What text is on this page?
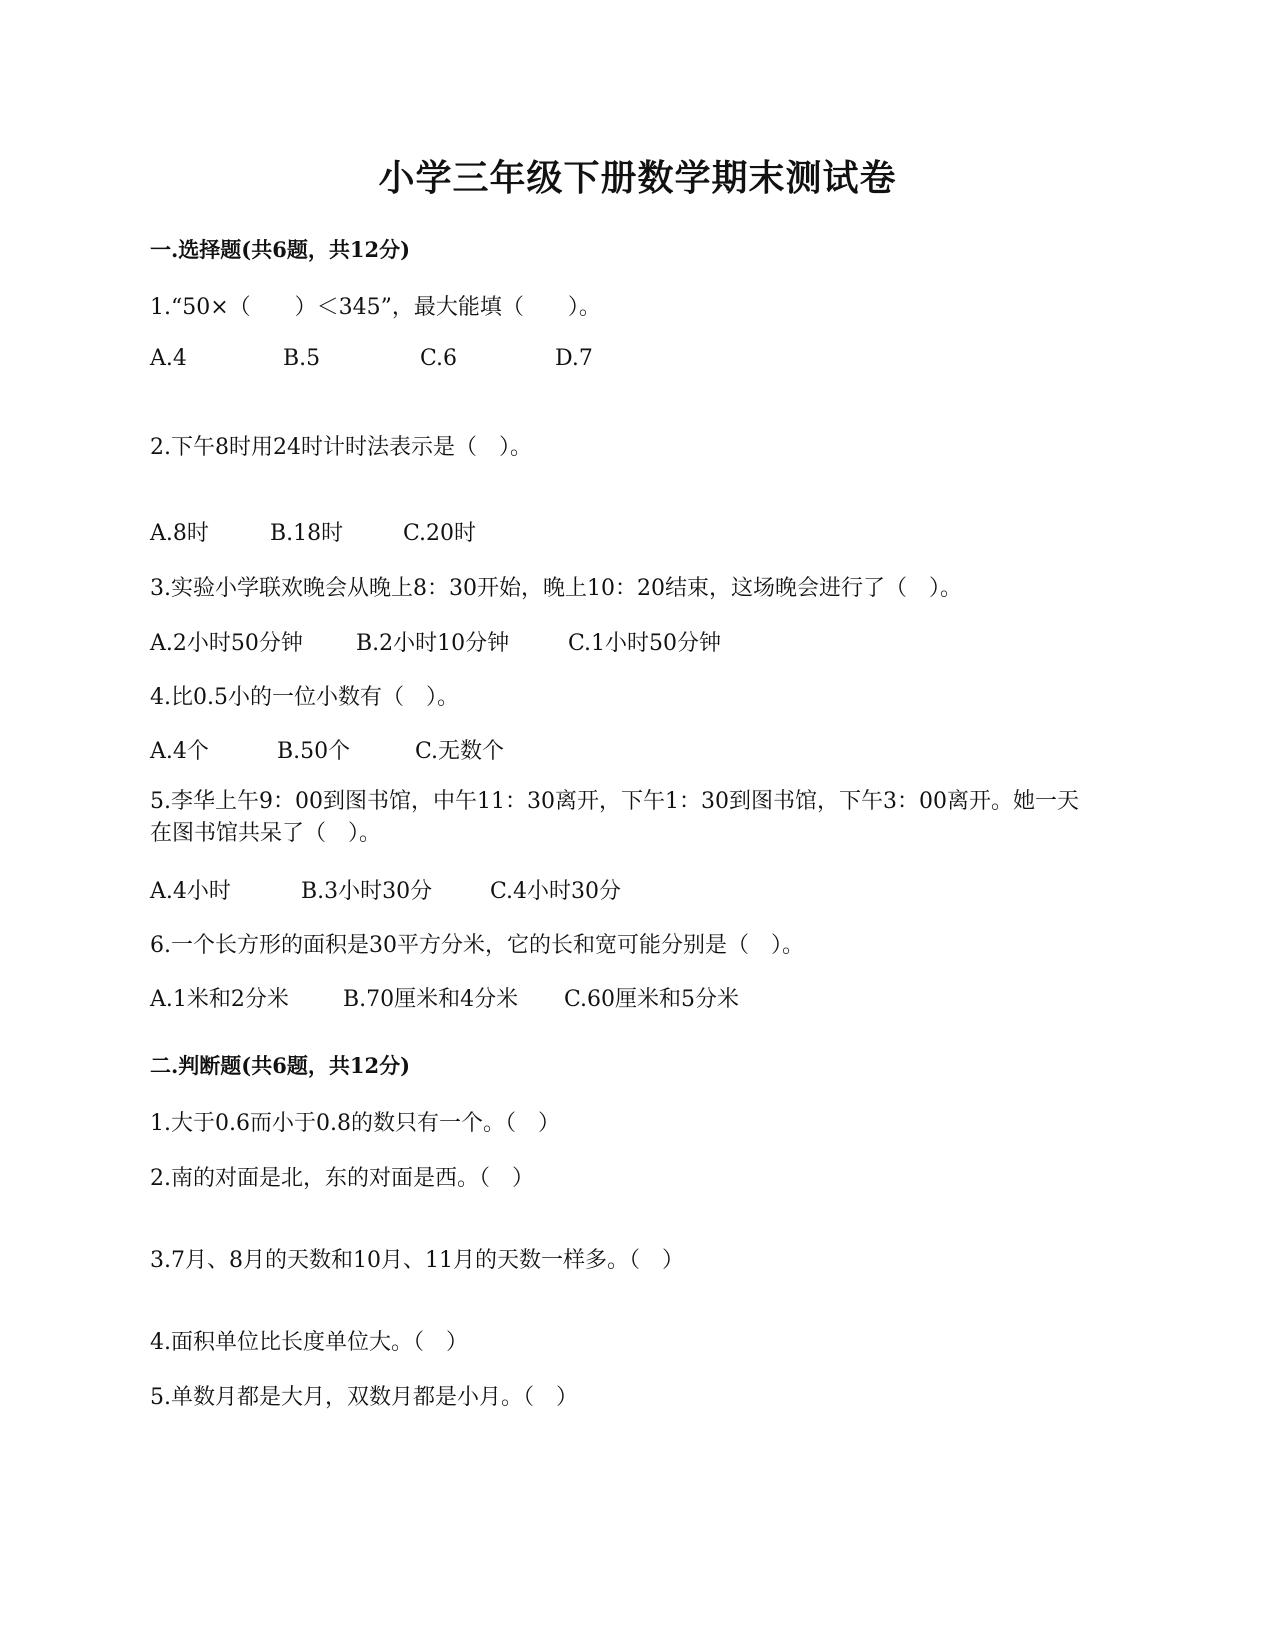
小学三年级下册数学期末测试卷
一.选择题(共6题，共12分)
1.“50×（　　）＜345”，最大能填（　　）。
A.4	B.5	C.6	D.7
2.下午8时用24时计时法表示是（　）。
A.8时	B.18时	C.20时
3.实验小学联欢晚会从晚上8：30开始，晚上10：20结束，这场晚会进行了（　）。
A.2小时50分钟 B.2小时10分钟	C.1小时50分钟
4.比0.5小的一位小数有（　）。
A.4个	B.50个	C.无数个
5.李华上午9：00到图书馆，中午11：30离开，下午1：30到图书馆，下午3：00离开。她一天在图书馆共呆了（　）。
A.4小时	B.3小时30分	C.4小时30分
6.一个长方形的面积是30平方分米，它的长和宽可能分别是（　）。
A.1米和2分米 B.70厘米和4分米 C.60厘米和5分米
二.判断题(共6题，共12分)
1.大于0.6而小于0.8的数只有一个。（　）
2.南的对面是北，东的对面是西。（　）
3.7月、8月的天数和10月、11月的天数一样多。（　）
4.面积单位比长度单位大。（　）
5.单数月都是大月，双数月都是小月。（　）
